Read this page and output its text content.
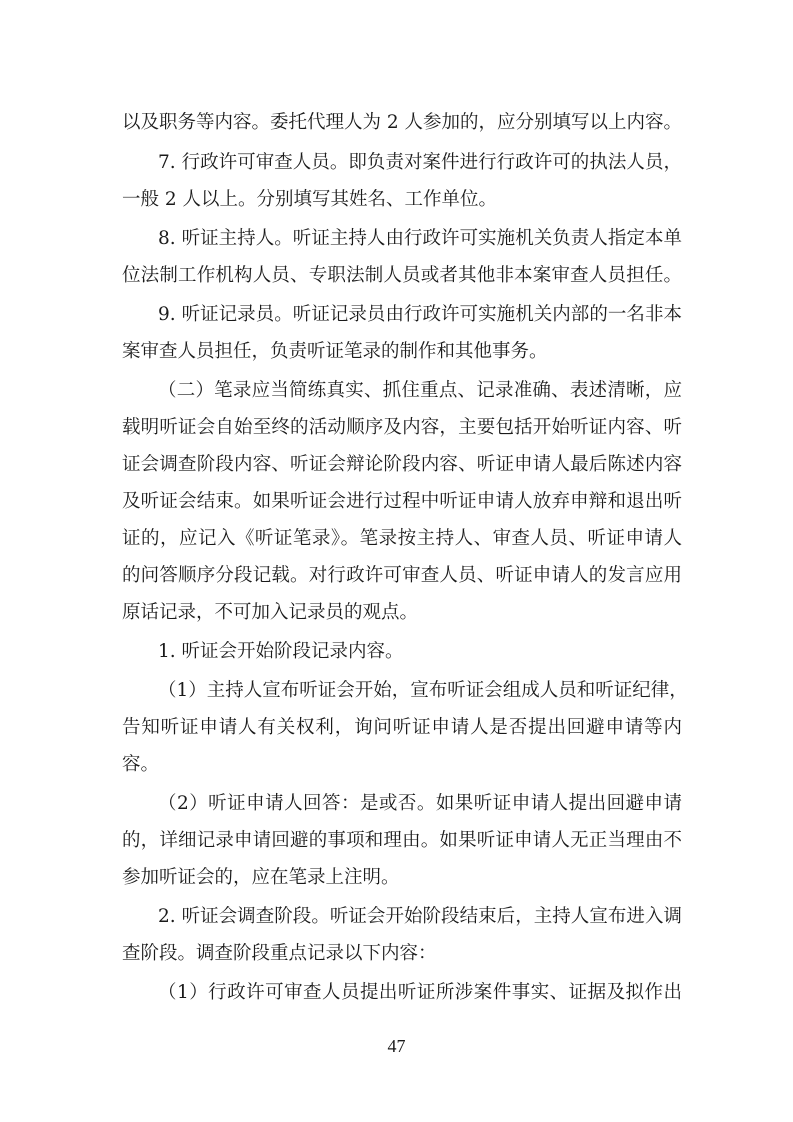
以及职务等内容。委托代理人为 2 人参加的，应分别填写以上内容。
7. 行政许可审查人员。即负责对案件进行行政许可的执法人员，
一般 2 人以上。分别填写其姓名、工作单位。
8. 听证主持人。听证主持人由行政许可实施机关负责人指定本单
位法制工作机构人员、专职法制人员或者其他非本案审查人员担任。
9. 听证记录员。听证记录员由行政许可实施机关内部的一名非本
案审查人员担任，负责听证笔录的制作和其他事务。
（二）笔录应当简练真实、抓住重点、记录准确、表述清晰，应
载明听证会自始至终的活动顺序及内容，主要包括开始听证内容、听
证会调查阶段内容、听证会辩论阶段内容、听证申请人最后陈述内容
及听证会结束。如果听证会进行过程中听证申请人放弃申辩和退出听
证的，应记入《听证笔录》。笔录按主持人、审查人员、听证申请人
的问答顺序分段记载。对行政许可审查人员、听证申请人的发言应用
原话记录，不可加入记录员的观点。
1. 听证会开始阶段记录内容。
（1）主持人宣布听证会开始，宣布听证会组成人员和听证纪律，
告知听证申请人有关权利，询问听证申请人是否提出回避申请等内
容。
（2）听证申请人回答：是或否。如果听证申请人提出回避申请
的，详细记录申请回避的事项和理由。如果听证申请人无正当理由不
参加听证会的，应在笔录上注明。
2. 听证会调查阶段。听证会开始阶段结束后，主持人宣布进入调
查阶段。调查阶段重点记录以下内容：
（1）行政许可审查人员提出听证所涉案件事实、证据及拟作出
47
